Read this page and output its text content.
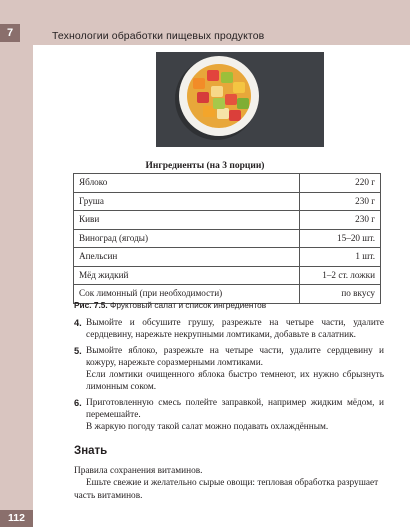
7	Технологии обработки пищевых продуктов
Ингредиенты (на 3 порции)
Яблоко	220 г
Груша	230 г
Киви	230 г
Виноград (ягоды)	15–20 шт.
Апельсин	1 шт.
Мёд жидкий	1–2 ст. ложки
Сок лимонный (при необходимости)	по вкусу
Рис. 7.5. Фруктовый салат и список ингредиентов
4. Вымойте и обсушите грушу, разрежьте на четыре части, удалите сердцевину, нарежьте некрупными ломтиками, добавьте в салатник.
5. Вымойте яблоко, разрежьте на четыре части, удалите сердцевину и кожуру, нарежьте соразмерными ломтиками.
Если ломтики очищенного яблока быстро темнеют, их нужно сбрызнуть лимонным соком.
6. Приготовленную смесь полейте заправкой, например жидким мёдом, и перемешайте.
В жаркую погоду такой салат можно подавать охлаждённым.
Знать
Правила сохранения витаминов.
Ешьте свежие и желательно сырые овощи: тепловая обработка разрушает часть витаминов.
112
